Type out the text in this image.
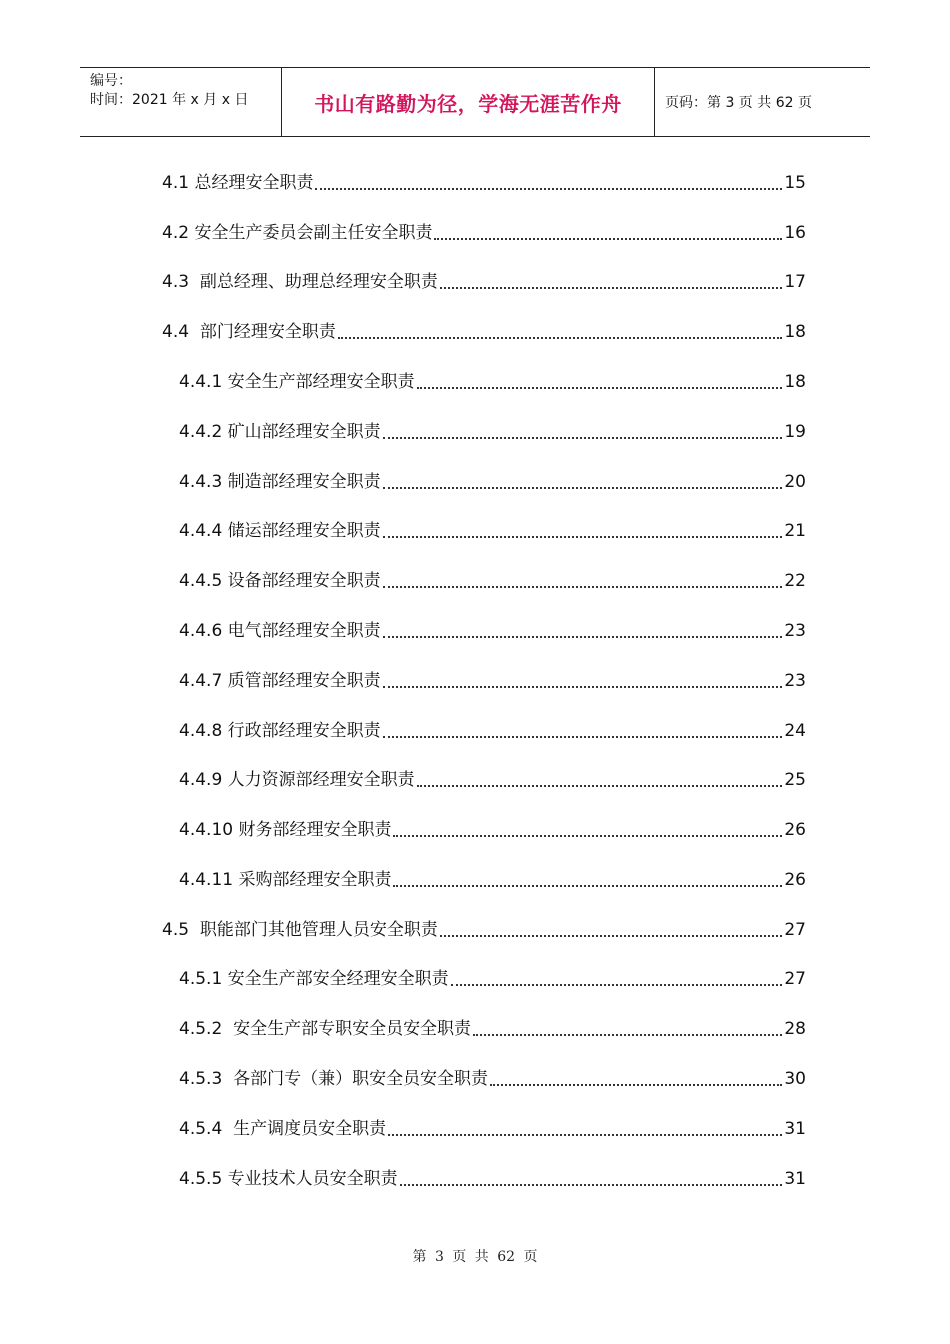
编号：
时间：2021 年 x 月 x 日	书山有路勤为径，学海无涯苦作舟	页码：第 3 页 共 62 页
4.1 总经理安全职责	15
4.2 安全生产委员会副主任安全职责	16
4.3  副总经理、助理总经理安全职责	17
4.4  部门经理安全职责	18
4.4.1 安全生产部经理安全职责	18
4.4.2 矿山部经理安全职责	19
4.4.3 制造部经理安全职责	20
4.4.4 储运部经理安全职责	21
4.4.5 设备部经理安全职责	22
4.4.6 电气部经理安全职责	23
4.4.7 质管部经理安全职责	23
4.4.8 行政部经理安全职责	24
4.4.9 人力资源部经理安全职责	25
4.4.10 财务部经理安全职责	26
4.4.11 采购部经理安全职责	26
4.5  职能部门其他管理人员安全职责	27
4.5.1 安全生产部安全经理安全职责	27
4.5.2  安全生产部专职安全员安全职责	28
4.5.3  各部门专（兼）职安全员安全职责	30
4.5.4  生产调度员安全职责	31
4.5.5 专业技术人员安全职责	31
第 3 页 共 62 页
